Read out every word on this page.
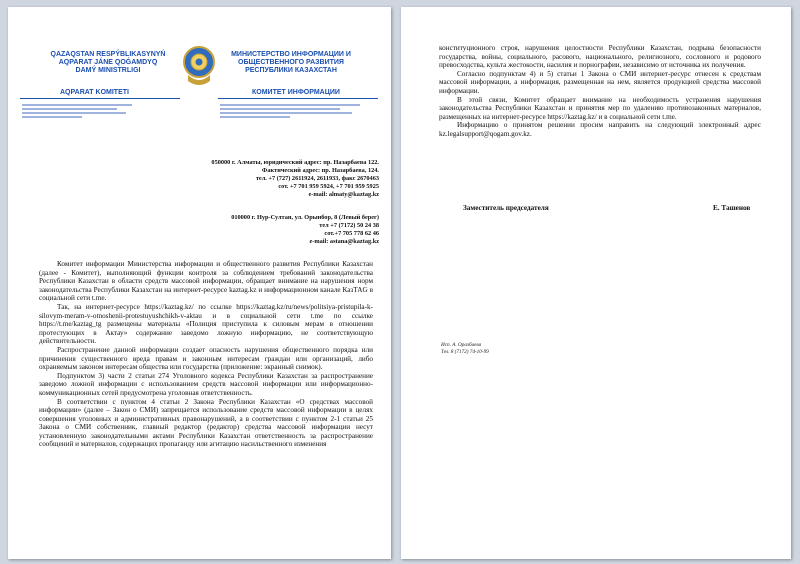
QAZAQSTAN RESPÝBLIKASYNYŃ
AQPARAT JÁNE QOǴAMDYQ
DAMÝ MINISTRLIGI
МИНИСТЕРСТВО ИНФОРМАЦИИ И
ОБЩЕСТВЕННОГО РАЗВИТИЯ
РЕСПУБЛИКИ КАЗАХСТАН
AQPARAT KOMITETI	КОМИТЕТ ИНФОРМАЦИИ
050000 г. Алматы, юридический адрес: пр. Назарбаева 122.
Фактический адрес: пр. Назарбаева, 124.
тел. +7 (727) 2611924, 2611933, факс 2670463
сот. +7 701 959 5924, +7 701 959 5925
e-mail: almaty@kaztag.kz
010000 г. Нур-Султан, ул. Орынбор, 8 (Левый берег)
тел +7 (7172) 50 24 38
сот.+7 705 778 62 46
e-mail: astana@kaztag.kz

Комитет информации Министерства информации и общественного развития Республики Казахстан (далее - Комитет), выполняющий функции контроля за соблюдением требований законодательства Республики Казахстан в области средств массовой информации, обращает внимание на нарушения норм законодательства Республики Казахстан на интернет-ресурсе kaztag.kz и информационном канале КазТАG в социальной сети t.me.

Так, на интернет-ресурсе https://kaztag.kz/ по ссылке https://kaztag.kz/ru/news/politsiya-pristupila-k-silovym-meram-v-otnoshenii-protestuyushchikh-v-aktau и в социальной сети t.me по ссылке https://t.me/kaztag_tg размещены материалы «Полиция приступила к силовым мерам в отношении протестующих в Актау» содержание заведомо ложную информацию, не соответствующую действительности.

Распространение данной информации создает опасность нарушения общественного порядка или причинения существенного вреда правам и законным интересам граждан или организаций, либо охраняемым законом интересам общества или государства (приложение: экранный снимок).

Подпунктом 3) части 2 статьи 274 Уголовного кодекса Республики Казахстан за распространение заведомо ложной информации с использованием средств массовой информации или информационно-коммуникационных сетей предусмотрена уголовная ответственность.

В соответствии с пунктом 4 статьи 2 Закона Республики Казахстан «О средствах массовой информации» (далее – Закон о СМИ) запрещается использование средств массовой информации в целях совершения уголовных и административных правонарушений, а в соответствии с пунктом 2-1 статьи 25 Закона о СМИ собственник, главный редактор (редактор) средства массовой информации несут установленную законодательными актами Республики Казахстан ответственность за распространение сообщений и материалов, содержащих пропаганду или агитацию насильственного изменения

конституционного строя, нарушения целостности Республики Казахстан, подрыва безопасности государства, войны, социального, расового, национального, религиозного, сословного и родового превосходства, культа жестокости, насилия и порнографии, независимо от источника их получения.

Согласно подпунктам 4) и 5) статьи 1 Закона о СМИ интернет-ресурс отнесен к средствам массовой информации, а информация, размещенная на нем, является продукцией средства массовой информации.

В этой связи, Комитет обращает внимание на необходимость устранения нарушения законодательства Республики Казахстан и принятия мер по удалению противозаконных материалов, размещенных на интернет-ресурсе https://kaztag.kz/ и в социальной сети t.me.

Информацию о принятом решении просим направить на следующий электронный адрес kz.legalsupport@qogam.gov.kz.

Заместитель председателя	Е. Ташенов
Исп. А. Оразбаева
Тел. 8 (7172) 74-10-99
